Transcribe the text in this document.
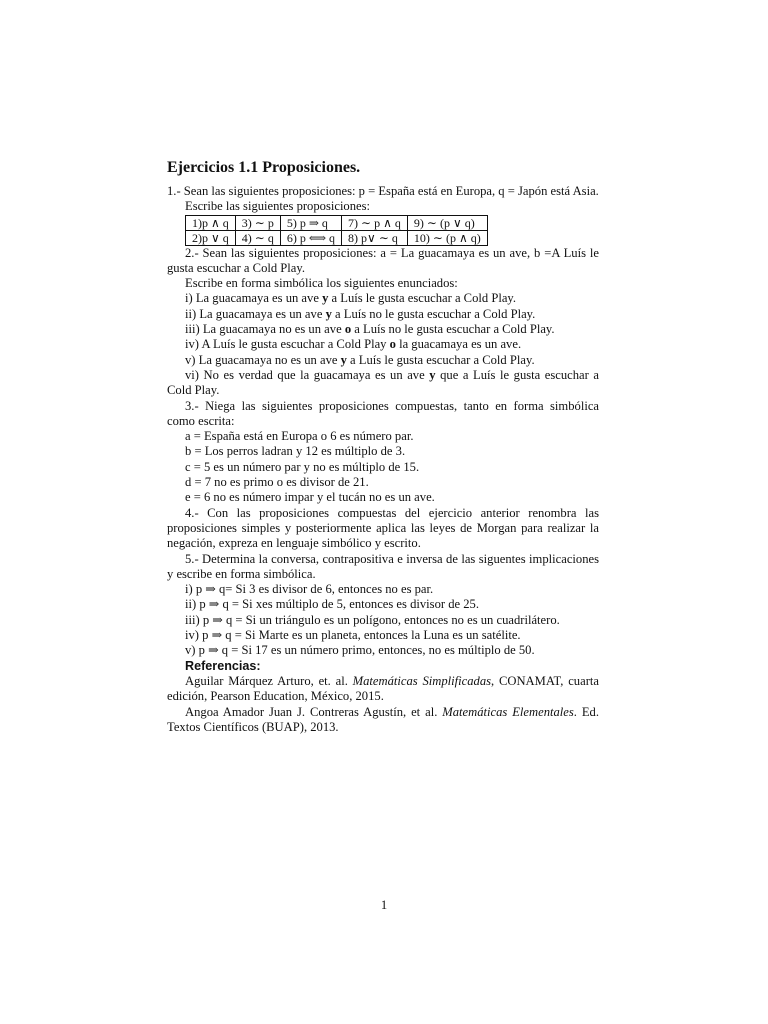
Ejercicios 1.1 Proposiciones.
1.- Sean las siguientes proposiciones: p = España está en Europa, q = Japón está Asia.
Escribe las siguientes proposiciones:
1)p ∧ q	3) ∼ p	5) p ⇒ q	7) ∼ p ∧ q	9) ∼ (p ∨ q)
2)p ∨ q	4) ∼ q	6) p ⟺ q	8) p∨ ∼ q	10) ∼ (p ∧ q)
2.- Sean las siguientes proposiciones: a = La guacamaya es un ave, b =A Luís le gusta escuchar a Cold Play.
Escribe en forma simbólica los siguientes enunciados:
i) La guacamaya es un ave y a Luís le gusta escuchar a Cold Play.
ii) La guacamaya es un ave y a Luís no le gusta escuchar a Cold Play.
iii) La guacamaya no es un ave o a Luís no le gusta escuchar a Cold Play.
iv) A Luís le gusta escuchar a Cold Play o la guacamaya es un ave.
v) La guacamaya no es un ave y a Luís le gusta escuchar a Cold Play.
vi) No es verdad que la guacamaya es un ave y que a Luís le gusta escuchar a Cold Play.
3.- Niega las siguientes proposiciones compuestas, tanto en forma simbólica como escrita:
a = España está en Europa o 6 es número par.
b = Los perros ladran y 12 es múltiplo de 3.
c = 5 es un número par y no es múltiplo de 15.
d = 7 no es primo o es divisor de 21.
e = 6 no es número impar y el tucán no es un ave.
4.- Con las proposiciones compuestas del ejercicio anterior renombra las proposiciones simples y posteriormente aplica las leyes de Morgan para realizar la negación, expreza en lenguaje simbólico y escrito.
5.- Determina la conversa, contrapositiva e inversa de las siguentes implicaciones y escribe en forma simbólica.
i) p ⇒ q= Si 3 es divisor de 6, entonces no es par.
ii) p ⇒ q = Si xes múltiplo de 5, entonces es divisor de 25.
iii) p ⇒ q = Si un triángulo es un polígono, entonces no es un cuadrilátero.
iv) p ⇒ q = Si Marte es un planeta, entonces la Luna es un satélite.
v) p ⇒ q = Si 17 es un número primo, entonces, no es múltiplo de 50.
Referencias:
Aguilar Márquez Arturo, et. al. Matemáticas Simplificadas, CONAMAT, cuarta edición, Pearson Education, México, 2015.
Angoa Amador Juan J. Contreras Agustín, et al. Matemáticas Elementales. Ed. Textos Científicos (BUAP), 2013.
1
